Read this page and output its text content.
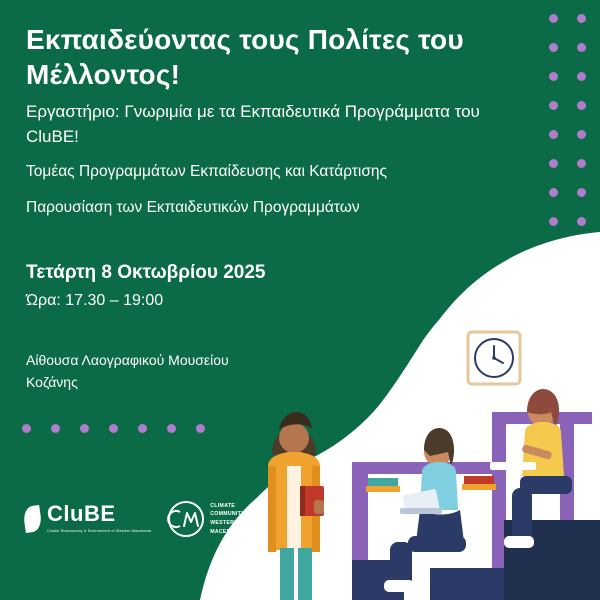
Εκπαιδεύοντας τους Πολίτες του Μέλλοντος!
Εργαστήριο: Γνωριμία με τα Εκπαιδευτικά Προγράμματα του CluBE!
Τομέας Προγραμμάτων Εκπαίδευσης και Κατάρτισης
Παρουσίαση των Εκπαιδευτικών Προγραμμάτων
Τετάρτη 8 Οκτωβρίου 2025
Ώρα: 17.30 – 19:00
Αίθουσα Λαογραφικού Μουσείου Κοζάνης
CluBE
Cluster Bioeconomy & Environment of Western Macedonia
CLIMATE
COMMUNITY
WESTERN
MACEDONIA
